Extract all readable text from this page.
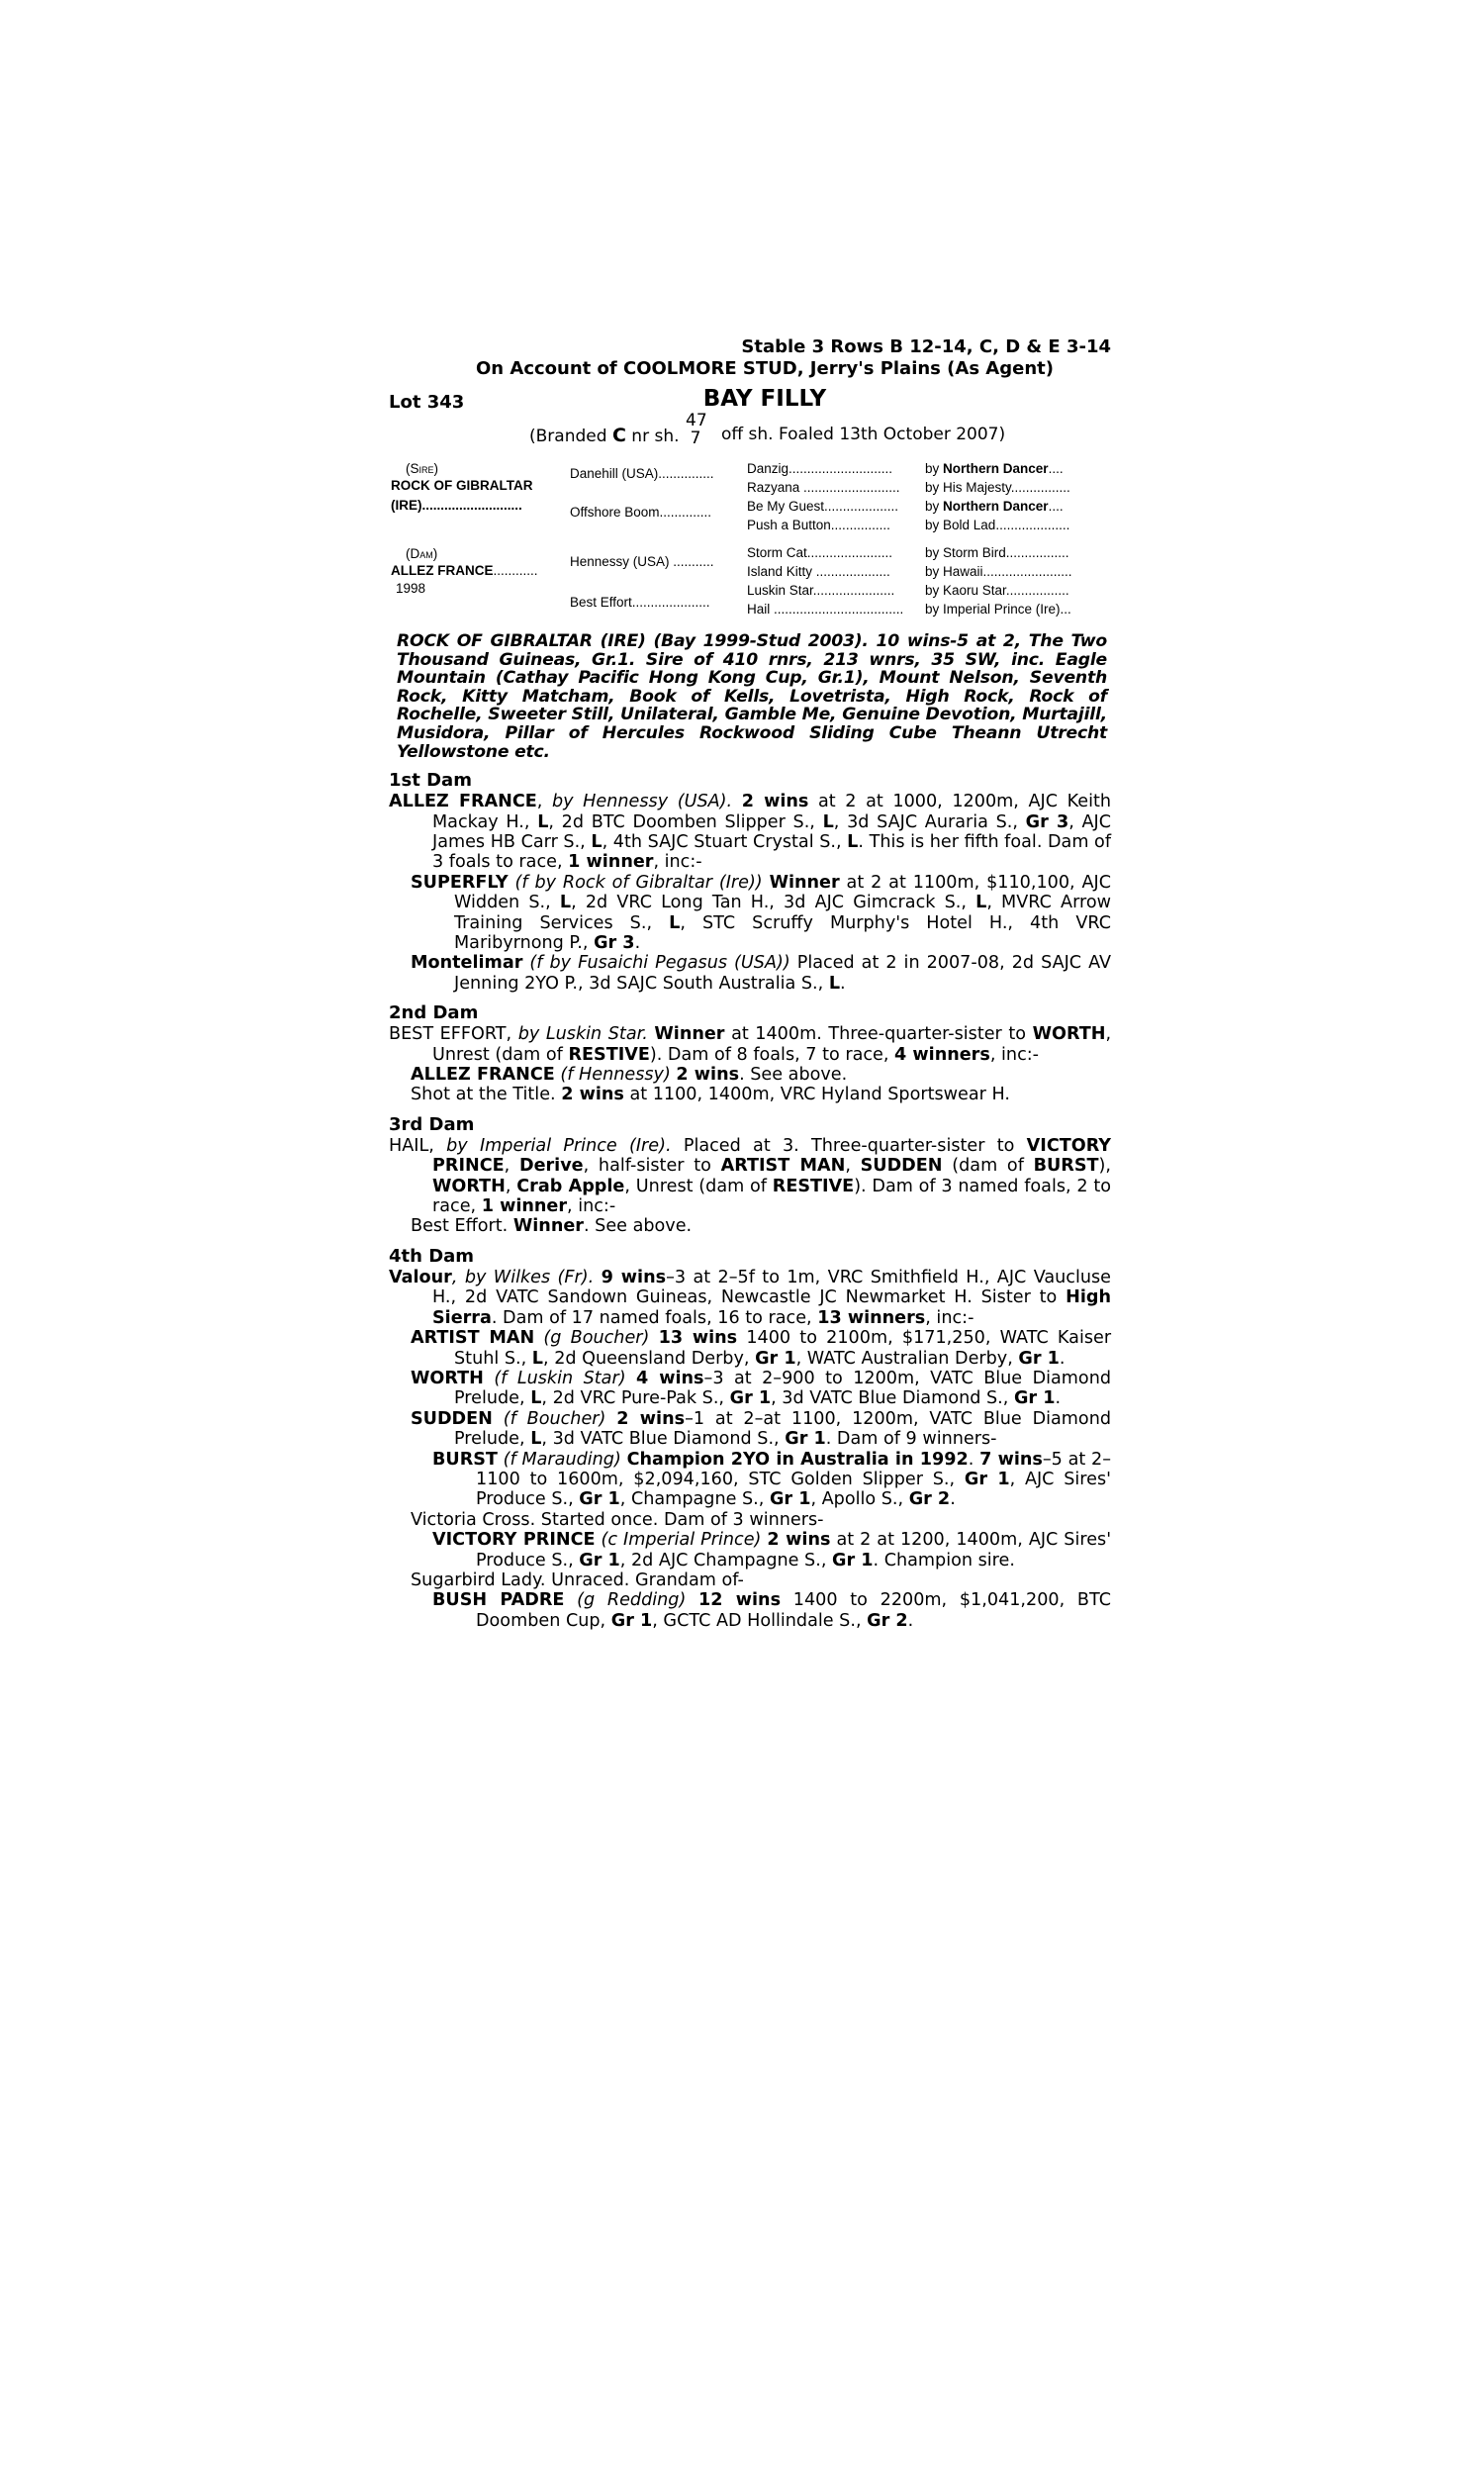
Stable 3 Rows B 12-14, C, D & E 3-14
On Account of COOLMORE STUD, Jerry's Plains (As Agent)
Lot 343	BAY FILLY
(Branded C nr sh.
47
7 off sh. Foaled 13th October 2007)
(Sire)
ROCK OF GIBRALTAR
(IRE)...........................
(Dam)
ALLEZ FRANCE............
1998
Danehill (USA)...............
Offshore Boom..............
Hennessy (USA) ...........
Best Effort.....................
Danzig............................
Razyana ..........................
Be My Guest....................
Push a Button................
Storm Cat.......................
Island Kitty ....................
Luskin Star......................
Hail ...................................
by Northern Dancer....
by His Majesty................
by Northern Dancer....
by Bold Lad....................
by Storm Bird.................
by Hawaii........................
by Kaoru Star.................
by Imperial Prince (Ire)...
ROCK OF GIBRALTAR (IRE) (Bay 1999-Stud 2003). 10 wins-5 at 2, The Two Thousand Guineas, Gr.1. Sire of 410 rnrs, 213 wnrs, 35 SW, inc. Eagle Mountain (Cathay Pacific Hong Kong Cup, Gr.1), Mount Nelson, Seventh Rock, Kitty Matcham, Book of Kells, Lovetrista, High Rock, Rock of Rochelle, Sweeter Still, Unilateral, Gamble Me, Genuine Devotion, Murtajill, Musidora, Pillar of Hercules Rockwood Sliding Cube Theann Utrecht Yellowstone etc.
1st Dam
ALLEZ FRANCE, by Hennessy (USA). 2 wins at 2 at 1000, 1200m, AJC Keith Mackay H., L, 2d BTC Doomben Slipper S., L, 3d SAJC Auraria S., Gr 3, AJC James HB Carr S., L, 4th SAJC Stuart Crystal S., L. This is her fifth foal. Dam of 3 foals to race, 1 winner, inc:-
SUPERFLY (f by Rock of Gibraltar (Ire)) Winner at 2 at 1100m, $110,100, AJC Widden S., L, 2d VRC Long Tan H., 3d AJC Gimcrack S., L, MVRC Arrow Training Services S., L, STC Scruffy Murphy's Hotel H., 4th VRC Maribyrnong P., Gr 3.
Montelimar (f by Fusaichi Pegasus (USA)) Placed at 2 in 2007-08, 2d SAJC AV Jenning 2YO P., 3d SAJC South Australia S., L.
2nd Dam
BEST EFFORT, by Luskin Star. Winner at 1400m. Three-quarter-sister to WORTH, Unrest (dam of RESTIVE). Dam of 8 foals, 7 to race, 4 winners, inc:-
ALLEZ FRANCE (f Hennessy) 2 wins. See above.
Shot at the Title. 2 wins at 1100, 1400m, VRC Hyland Sportswear H.
3rd Dam
HAIL, by Imperial Prince (Ire). Placed at 3. Three-quarter-sister to VICTORY PRINCE, Derive, half-sister to ARTIST MAN, SUDDEN (dam of BURST), WORTH, Crab Apple, Unrest (dam of RESTIVE). Dam of 3 named foals, 2 to race, 1 winner, inc:-
Best Effort. Winner. See above.
4th Dam
Valour, by Wilkes (Fr). 9 wins–3 at 2–5f to 1m, VRC Smithfield H., AJC Vaucluse H., 2d VATC Sandown Guineas, Newcastle JC Newmarket H. Sister to High Sierra. Dam of 17 named foals, 16 to race, 13 winners, inc:-
ARTIST MAN (g Boucher) 13 wins 1400 to 2100m, $171,250, WATC Kaiser Stuhl S., L, 2d Queensland Derby, Gr 1, WATC Australian Derby, Gr 1.
WORTH (f Luskin Star) 4 wins–3 at 2–900 to 1200m, VATC Blue Diamond Prelude, L, 2d VRC Pure-Pak S., Gr 1, 3d VATC Blue Diamond S., Gr 1.
SUDDEN (f Boucher) 2 wins–1 at 2–at 1100, 1200m, VATC Blue Diamond Prelude, L, 3d VATC Blue Diamond S., Gr 1. Dam of 9 winners-
BURST (f Marauding) Champion 2YO in Australia in 1992. 7 wins–5 at 2–1100 to 1600m, $2,094,160, STC Golden Slipper S., Gr 1, AJC Sires' Produce S., Gr 1, Champagne S., Gr 1, Apollo S., Gr 2.
Victoria Cross. Started once. Dam of 3 winners-
VICTORY PRINCE (c Imperial Prince) 2 wins at 2 at 1200, 1400m, AJC Sires' Produce S., Gr 1, 2d AJC Champagne S., Gr 1. Champion sire.
Sugarbird Lady. Unraced. Grandam of-
BUSH PADRE (g Redding) 12 wins 1400 to 2200m, $1,041,200, BTC Doomben Cup, Gr 1, GCTC AD Hollindale S., Gr 2.
